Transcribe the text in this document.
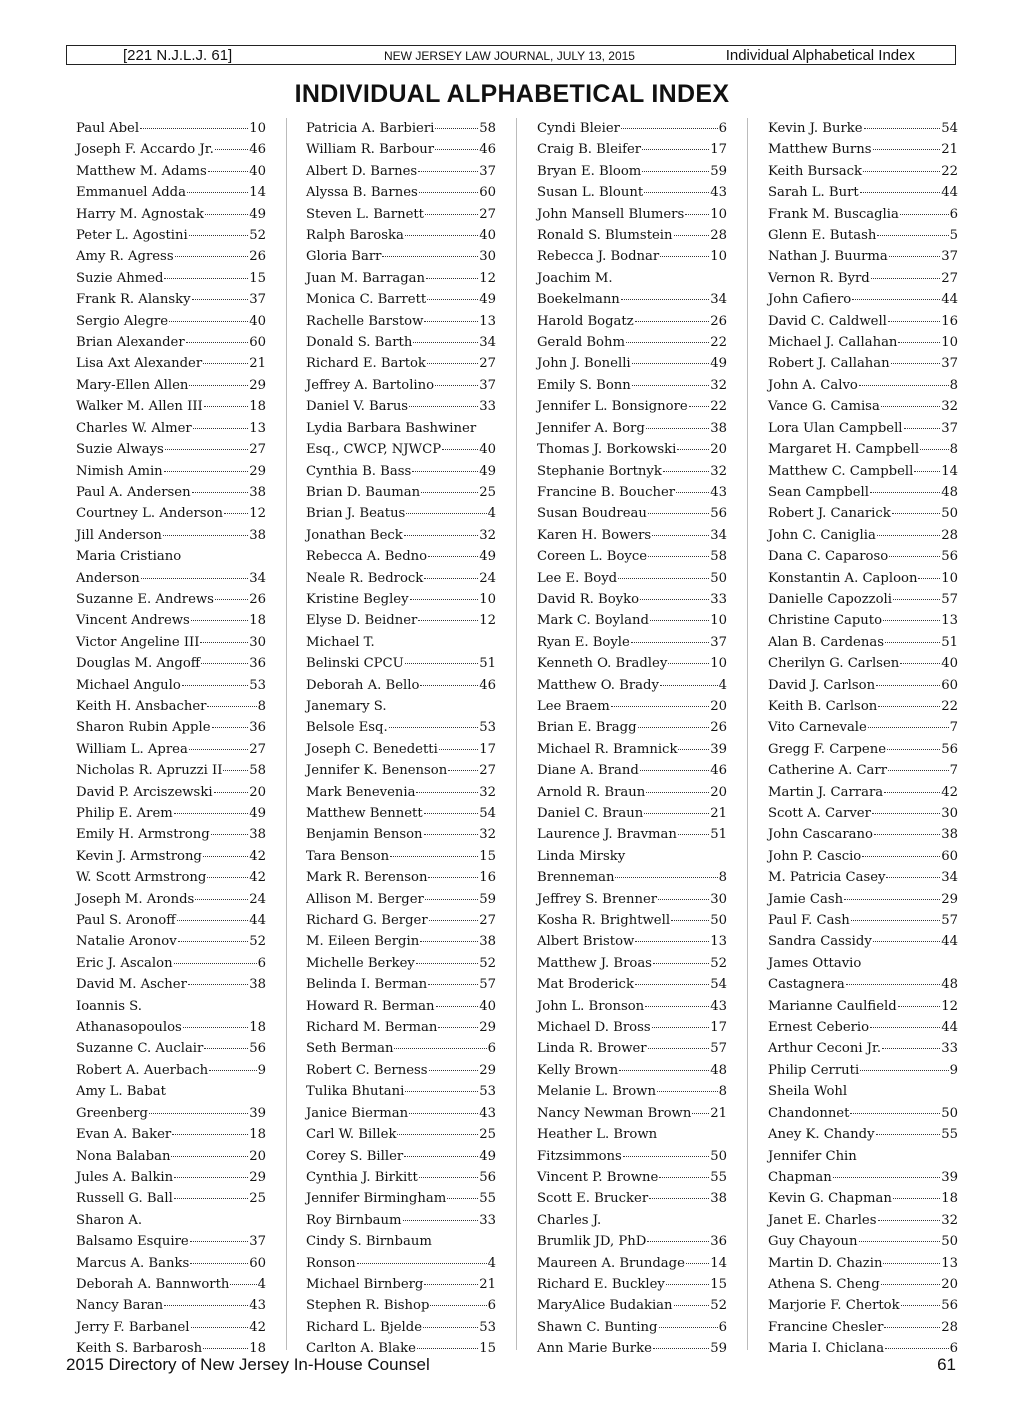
[221 N.J.L.J. 61]	NEW JERSEY LAW JOURNAL, JULY 13, 2015	Individual Alphabetical Index
INDIVIDUAL ALPHABETICAL INDEX
Paul Abel	10
Joseph F. Accardo Jr.	46
Matthew M. Adams	40
Emmanuel Adda	14
Harry M. Agnostak	49
Peter L. Agostini	52
Amy R. Agress	26
Suzie Ahmed	15
Frank R. Alansky	37
Sergio Alegre	40
Brian Alexander	60
Lisa Axt Alexander	21
Mary-Ellen Allen	29
Walker M. Allen III	18
Charles W. Almer	13
Suzie Always	27
Nimish Amin	29
Paul A. Andersen	38
Courtney L. Anderson 12
Jill Anderson	38
Maria Cristiano
Anderson	34
Suzanne E. Andrews	26
Vincent Andrews	18
Victor Angeline III	30
Douglas M. Angoff	36
Michael Angulo	53
Keith H. Ansbacher	8
Sharon Rubin Apple	36
William L. Aprea	27
Nicholas R. Apruzzi II 58
David P. Arciszewski	20
Philip E. Arem	49
Emily H. Armstrong	38
Kevin J. Armstrong	42
W. Scott Armstrong	42
Joseph M. Aronds	24
Paul S. Aronoff	44
Natalie Aronov	52
Eric J. Ascalon	6
David M. Ascher	38
Ioannis S.
Athanasopoulos	18
Suzanne C. Auclair	56
Robert A. Auerbach	9
Amy L. Babat
Greenberg	39
Evan A. Baker	18
Nona Balaban	20
Jules A. Balkin	29
Russell G. Ball	25
Sharon A.
Balsamo Esquire	37
Marcus A. Banks	60
Deborah A. Bannworth 4
Nancy Baran	43
Jerry F. Barbanel	42
Keith S. Barbarosh	18
Patricia A. Barbieri	58
William R. Barbour	46
Albert D. Barnes	37
Alyssa B. Barnes	60
Steven L. Barnett	27
Ralph Baroska	40
Gloria Barr	30
Juan M. Barragan	12
Monica C. Barrett	49
Rachelle Barstow	13
Donald S. Barth	34
Richard E. Bartok	27
Jeffrey A. Bartolino	37
Daniel V. Barus	33
Lydia Barbara Bashwiner
Esq., CWCP, NJWCP	40
Cynthia B. Bass	49
Brian D. Bauman	25
Brian J. Beatus	4
Jonathan Beck	32
Rebecca A. Bedno	49
Neale R. Bedrock	24
Kristine Begley	10
Elyse D. Beidner	12
Michael T.
Belinski CPCU	51
Deborah A. Bello	46
Janemary S.
Belsole Esq.	53
Joseph C. Benedetti	17
Jennifer K. Benenson 27
Mark Benevenia	32
Matthew Bennett	54
Benjamin Benson	32
Tara Benson	15
Mark R. Berenson	16
Allison M. Berger	59
Richard G. Berger	27
M. Eileen Bergin	38
Michelle Berkey	52
Belinda I. Berman	57
Howard R. Berman	40
Richard M. Berman	29
Seth Berman	6
Robert C. Berness	29
Tulika Bhutani	53
Janice Bierman	43
Carl W. Billek	25
Corey S. Biller	49
Cynthia J. Birkitt	56
Jennifer Birmingham	55
Roy Birnbaum	33
Cindy S. Birnbaum
Ronson	4
Michael Birnberg	21
Stephen R. Bishop	6
Richard L. Bjelde	53
Carlton A. Blake	15
Cyndi Bleier	6
Craig B. Bleifer	17
Bryan E. Bloom	59
Susan L. Blount	43
John Mansell Blumers 10
Ronald S. Blumstein	28
Rebecca J. Bodnar	10
Joachim M.
Boekelmann	34
Harold Bogatz	26
Gerald Bohm	22
John J. Bonelli	49
Emily S. Bonn	32
Jennifer L. Bonsignore 22
Jennifer A. Borg	38
Thomas J. Borkowski	20
Stephanie Bortnyk	32
Francine B. Boucher	43
Susan Boudreau	56
Karen H. Bowers	34
Coreen L. Boyce	58
Lee E. Boyd	50
David R. Boyko	33
Mark C. Boyland	10
Ryan E. Boyle	37
Kenneth O. Bradley	10
Matthew O. Brady	4
Lee Braem	20
Brian E. Bragg	26
Michael R. Bramnick 39
Diane A. Brand	46
Arnold R. Braun	20
Daniel C. Braun	21
Laurence J. Bravman	51
Linda Mirsky
Brenneman	8
Jeffrey S. Brenner	30
Kosha R. Brightwell	50
Albert Bristow	13
Matthew J. Broas	52
Mat Broderick	54
John L. Bronson	43
Michael D. Bross	17
Linda R. Brower	57
Kelly Brown	48
Melanie L. Brown	8
Nancy Newman Brown 21
Heather L. Brown
Fitzsimmons	50
Vincent P. Browne	55
Scott E. Brucker	38
Charles J.
Brumlik JD, PhD	36
Maureen A. Brundage 14
Richard E. Buckley	15
MaryAlice Budakian	52
Shawn C. Bunting	6
Ann Marie Burke	59
Kevin J. Burke	54
Matthew Burns	21
Keith Bursack	22
Sarah L. Burt	44
Frank M. Buscaglia	6
Glenn E. Butash	5
Nathan J. Buurma	37
Vernon R. Byrd	27
John Cafiero	44
David C. Caldwell	16
Michael J. Callahan	10
Robert J. Callahan	37
John A. Calvo	8
Vance G. Camisa	32
Lora Ulan Campbell	37
Margaret H. Campbell 8
Matthew C. Campbell 14
Sean Campbell	48
Robert J. Canarick	50
John C. Caniglia	28
Dana C. Caparoso	56
Konstantin A. Caploon 10
Danielle Capozzoli	57
Christine Caputo	13
Alan B. Cardenas	51
Cherilyn G. Carlsen	40
David J. Carlson	60
Keith B. Carlson	22
Vito Carnevale	7
Gregg F. Carpene	56
Catherine A. Carr	7
Martin J. Carrara	42
Scott A. Carver	30
John Cascarano	38
John P. Cascio	60
M. Patricia Casey	34
Jamie Cash	29
Paul F. Cash	57
Sandra Cassidy	44
James Ottavio
Castagnera	48
Marianne Caulfield	12
Ernest Ceberio	44
Arthur Ceconi Jr.	33
Philip Cerruti	9
Sheila Wohl
Chandonnet	50
Aney K. Chandy	55
Jennifer Chin
Chapman	39
Kevin G. Chapman	18
Janet E. Charles	32
Guy Chayoun	50
Martin D. Chazin	13
Athena S. Cheng	20
Marjorie F. Chertok	56
Francine Chesler	28
Maria I. Chiclana	6
2015 Directory of New Jersey In-House Counsel	61
